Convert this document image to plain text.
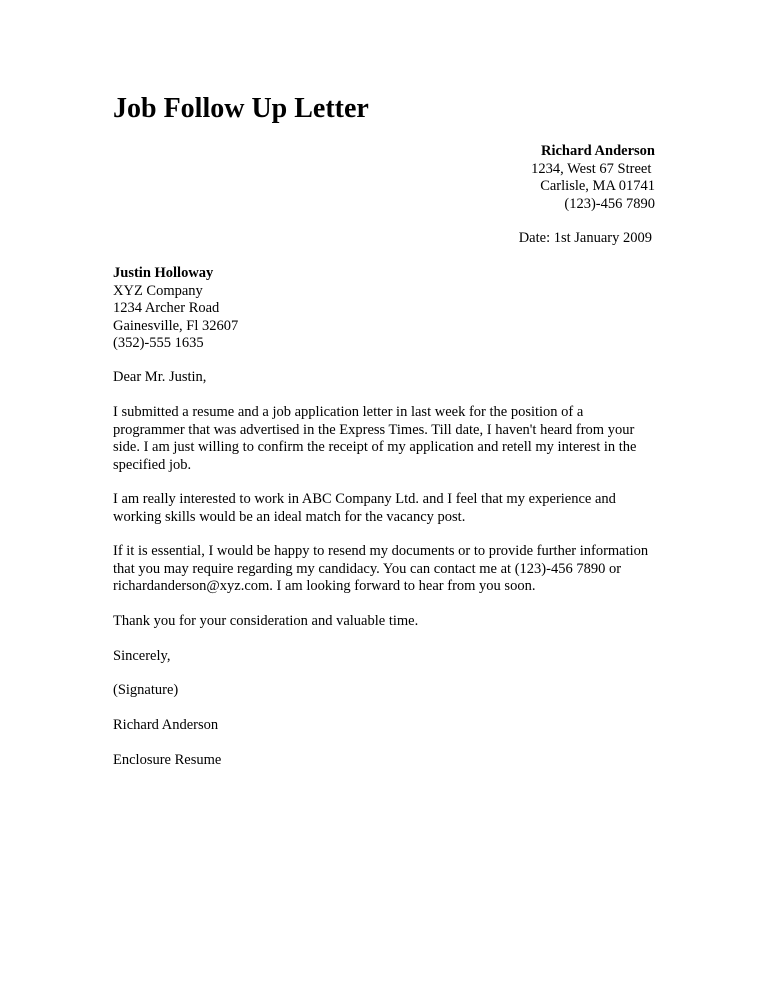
Job Follow Up Letter
Richard Anderson
1234, West 67 Street
Carlisle, MA 01741
(123)-456 7890
Date: 1st January 2009
Justin Holloway
XYZ Company
1234 Archer Road
Gainesville, Fl 32607
(352)-555 1635
Dear Mr. Justin,
I submitted a resume and a job application letter in last week for the position of a programmer that was advertised in the Express Times. Till date, I haven't heard from your side. I am just willing to confirm the receipt of my application and retell my interest in the specified job.
I am really interested to work in ABC Company Ltd. and I feel that my experience and working skills would be an ideal match for the vacancy post.
If it is essential, I would be happy to resend my documents or to provide further information that you may require regarding my candidacy. You can contact me at (123)-456 7890 or richardanderson@xyz.com. I am looking forward to hear from you soon.
Thank you for your consideration and valuable time.
Sincerely,
(Signature)
Richard Anderson
Enclosure Resume
